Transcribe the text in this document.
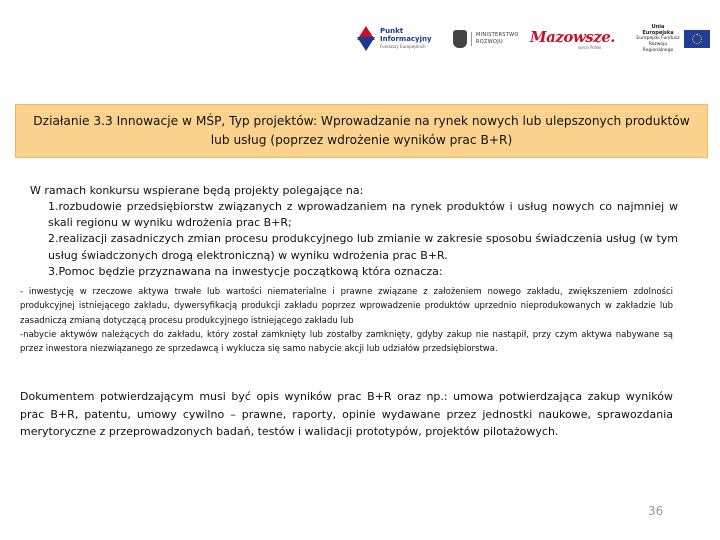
Punkt
Informacyjny
Funduszy Europejskich
MINISTERSTWO
ROZWOJU	Mazowsze.
serce Polski
Unia Europejska
Europejski Fundusz
Rozwoju Regionalnego
Działanie 3.3 Innowacje w MŚP, Typ projektów: Wprowadzanie na rynek nowych lub ulepszonych produktów lub usług (poprzez wdrożenie wyników prac B+R)
W ramach konkursu wspierane będą projekty polegające na:

1.rozbudowie przedsiębiorstw związanych z wprowadzaniem na rynek produktów i usług nowych co najmniej w skali regionu w wyniku wdrożenia prac B+R;

2.realizacji zasadniczych zmian procesu produkcyjnego lub zmianie w zakresie sposobu świadczenia usług (w tym usług świadczonych drogą elektroniczną) w wyniku wdrożenia prac B+R.

3.Pomoc będzie przyznawana na inwestycje początkową która oznacza:

- inwestycję w rzeczowe aktywa trwałe lub wartości niematerialne i prawne związane z założeniem nowego zakładu, zwiększeniem zdolności produkcyjnej istniejącego zakładu, dywersyfikacją produkcji zakładu poprzez wprowadzenie produktów uprzednio nieprodukowanych w zakładzie lub zasadniczą zmianą dotyczącą procesu produkcyjnego istniejącego zakładu lub

-nabycie aktywów należących do zakładu, który został zamknięty lub zostałby zamknięty, gdyby zakup nie nastąpił, przy czym aktywa nabywane są przez inwestora niezwiązanego ze sprzedawcą i wyklucza się samo nabycie akcji lub udziałów przedsiębiorstwa.

Dokumentem potwierdzającym musi być opis wyników prac B+R oraz np.: umowa potwierdzająca zakup wyników prac B+R, patentu, umowy cywilno – prawne, raporty, opinie wydawane przez jednostki naukowe, sprawozdania merytoryczne z przeprowadzonych badań, testów i walidacji prototypów, projektów pilotażowych.
36
